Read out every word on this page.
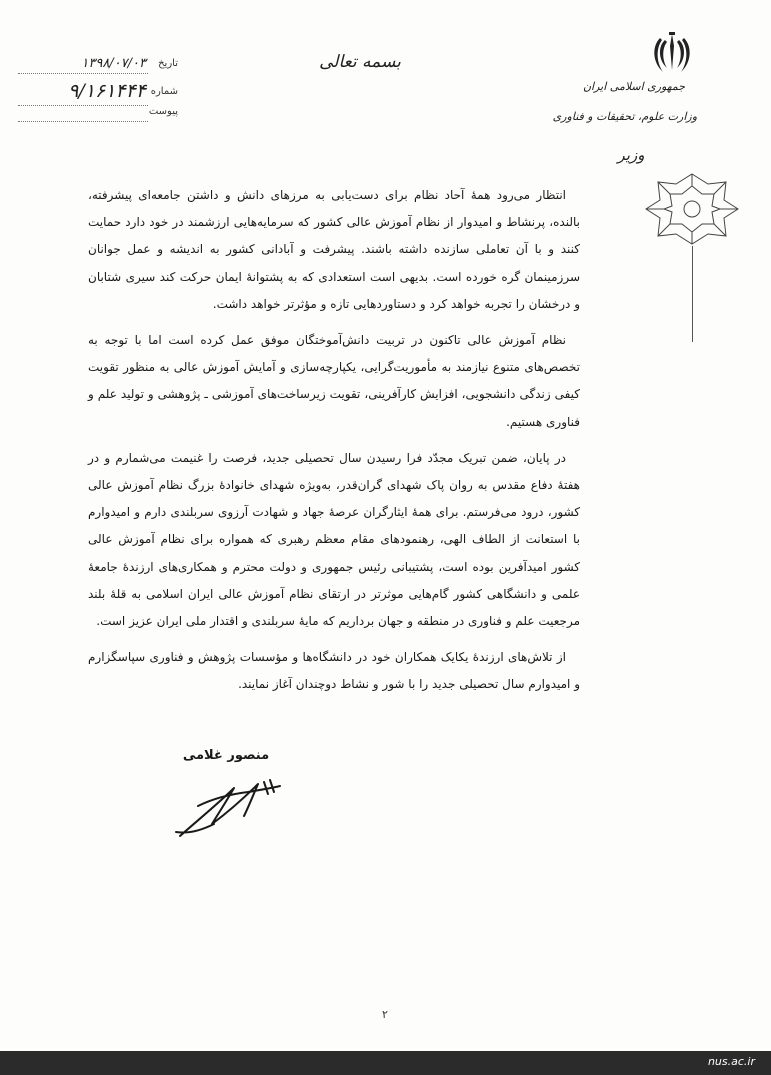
جمهوری اسلامی ایران
وزارت علوم، تحقیقات و فناوری
وزیر
بسمه تعالی
تاریخ
۱۳۹۸/۰۷/۰۳
شماره
۹/۱۶۱۴۴۴
پیوست

انتظار می‌رود همهٔ آحاد نظام برای دست‌یابی به مرزهای دانش و داشتن جامعه‌ای پیشرفته، بالنده، پرنشاط و امیدوار از نظام آموزش عالی کشور که سرمایه‌هایی ارزشمند در خود دارد حمایت کنند و با آن تعاملی سازنده داشته باشند. پیشرفت و آبادانی کشور به اندیشه و عمل جوانان سرزمینمان گره خورده است. بدیهی است استعدادی که به پشتوانهٔ ایمان حرکت کند سیری شتابان و درخشان را تجربه خواهد کرد و دستاوردهایی تازه و مؤثرتر خواهد داشت.

نظام آموزش عالی تاکنون در تربیت دانش‌آموختگان موفق عمل کرده است اما با توجه به تخصص‌های متنوع نیازمند به مأموریت‌گرایی، یکپارچه‌سازی و آمایش آموزش عالی به منظور تقویت کیفی زندگی دانشجویی، افزایش کارآفرینی، تقویت زیرساخت‌های آموزشی ـ پژوهشی و تولید علم و فناوری هستیم.

در پایان، ضمن تبریک مجدّد فرا رسیدن سال تحصیلی جدید، فرصت را غنیمت می‌شمارم و در هفتهٔ دفاع مقدس به روان پاک شهدای گران‌قدر، به‌ویژه شهدای خانوادهٔ بزرگ نظام آموزش عالی کشور، درود می‌فرستم. برای همهٔ ایثارگران عرصهٔ جهاد و شهادت آرزوی سربلندی دارم و امیدوارم با استعانت از الطاف الهی، رهنمودهای مقام معظم رهبری که همواره برای نظام آموزش عالی کشور امیدآفرین بوده است، پشتیبانی رئیس جمهوری و دولت محترم و همکاری‌های ارزندهٔ جامعهٔ علمی و دانشگاهی کشور گام‌هایی موثرتر در ارتقای نظام آموزش عالی ایران اسلامی به قلهٔ بلند مرجعیت علم و فناوری در منطقه و جهان برداریم که مایهٔ سربلندی و اقتدار ملی ایران عزیز است.

از تلاش‌های ارزندهٔ یکایک همکاران خود در دانشگاه‌ها و مؤسسات پژوهش و فناوری سپاسگزارم و امیدوارم سال تحصیلی جدید را با شور و نشاط دوچندان آغاز نمایند.

منصور غلامی
۲
nus.ac.ir
